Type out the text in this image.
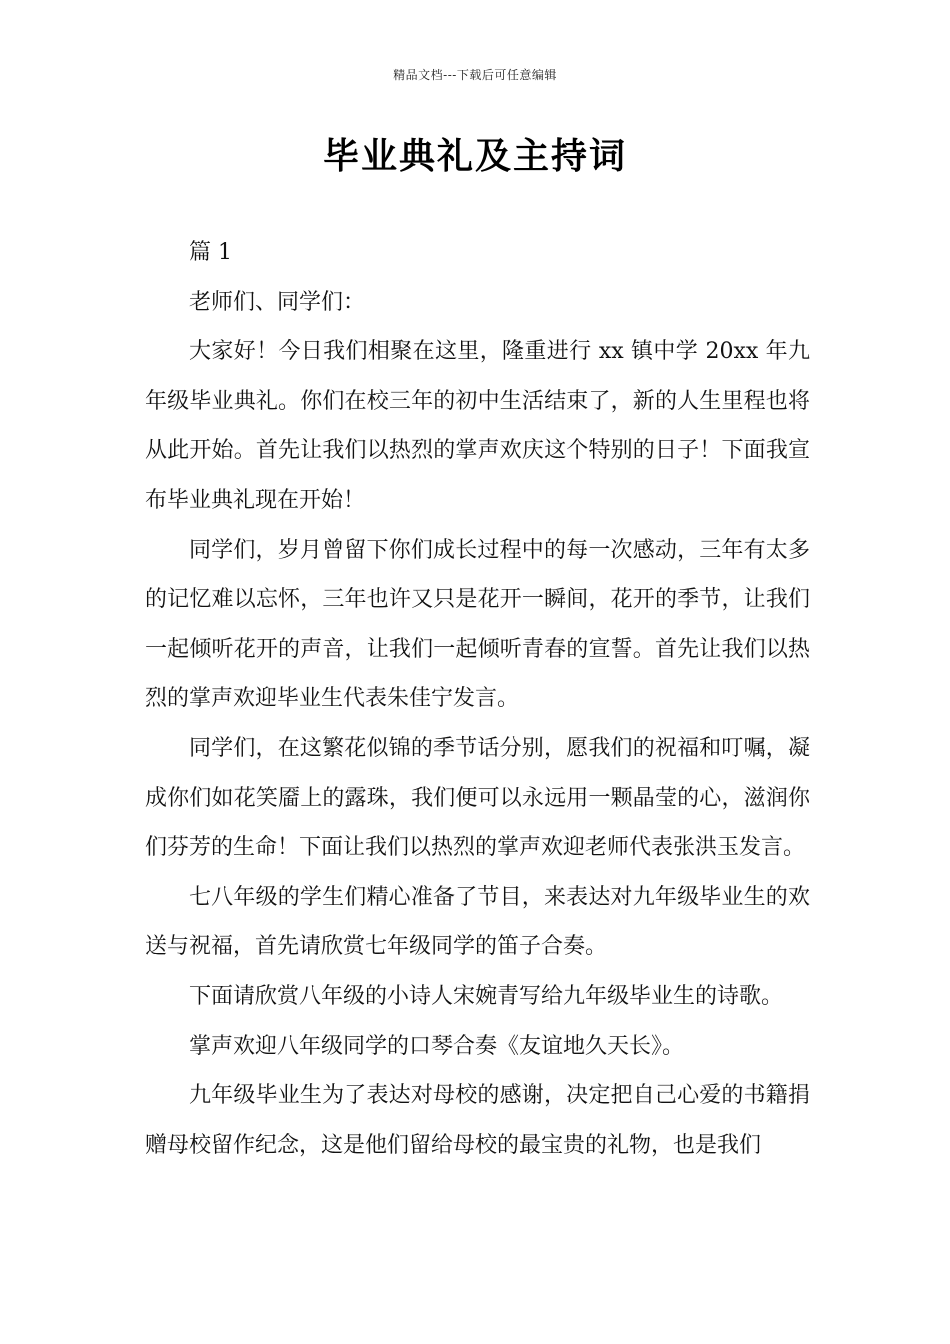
精品文档---下载后可任意编辑
毕业典礼及主持词

篇 1

老师们、同学们：

大家好！今日我们相聚在这里，隆重进行 xx 镇中学 20xx 年九年级毕业典礼。你们在校三年的初中生活结束了，新的人生里程也将从此开始。首先让我们以热烈的掌声欢庆这个特别的日子！下面我宣布毕业典礼现在开始！

同学们，岁月曾留下你们成长过程中的每一次感动，三年有太多的记忆难以忘怀，三年也许又只是花开一瞬间，花开的季节，让我们一起倾听花开的声音，让我们一起倾听青春的宣誓。首先让我们以热烈的掌声欢迎毕业生代表朱佳宁发言。

同学们，在这繁花似锦的季节话分别，愿我们的祝福和叮嘱，凝成你们如花笑靥上的露珠，我们便可以永远用一颗晶莹的心，滋润你们芬芳的生命！下面让我们以热烈的掌声欢迎老师代表张洪玉发言。

七八年级的学生们精心准备了节目，来表达对九年级毕业生的欢送与祝福，首先请欣赏七年级同学的笛子合奏。

下面请欣赏八年级的小诗人宋婉青写给九年级毕业生的诗歌。

掌声欢迎八年级同学的口琴合奏《友谊地久天长》。

九年级毕业生为了表达对母校的感谢，决定把自己心爱的书籍捐赠母校留作纪念，这是他们留给母校的最宝贵的礼物，也是我们
